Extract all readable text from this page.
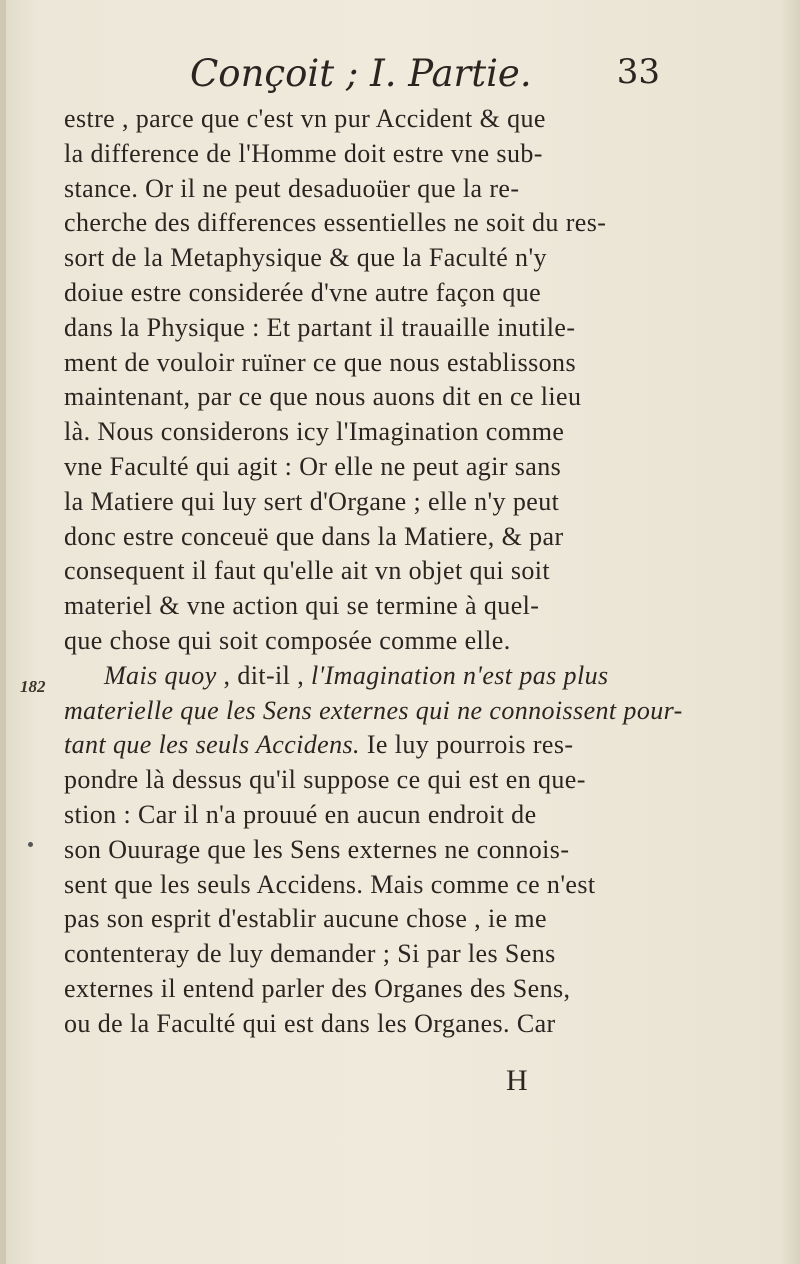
Conçoit ; I. Partie.	33
182
estre , parce que c'est vn pur Accident & que
la difference de l'Homme doit estre vne sub-
stance. Or il ne peut desaduoüer que la re-
cherche des differences essentielles ne soit du res-
sort de la Metaphysique & que la Faculté n'y
doiue estre considerée d'vne autre façon que
dans la Physique : Et partant il trauaille inutile-
ment de vouloir ruïner ce que nous establissons
maintenant, par ce que nous auons dit en ce lieu
là. Nous considerons icy l'Imagination comme
vne Faculté qui agit : Or elle ne peut agir sans
la Matiere qui luy sert d'Organe ; elle n'y peut
donc estre conceuë que dans la Matiere, & par
consequent il faut qu'elle ait vn objet qui soit
materiel & vne action qui se termine à quel-
que chose qui soit composée comme elle.
Mais quoy , dit-il , l'Imagination n'est pas plus
materielle que les Sens externes qui ne connoissent pour-
tant que les seuls Accidens. Ie luy pourrois res-
pondre là dessus qu'il suppose ce qui est en que-
stion : Car il n'a prouué en aucun endroit de
son Ouurage que les Sens externes ne connois-
sent que les seuls Accidens. Mais comme ce n'est
pas son esprit d'establir aucune chose , ie me
contenteray de luy demander ; Si par les Sens
externes il entend parler des Organes des Sens,
ou de la Faculté qui est dans les Organes. Car
H
